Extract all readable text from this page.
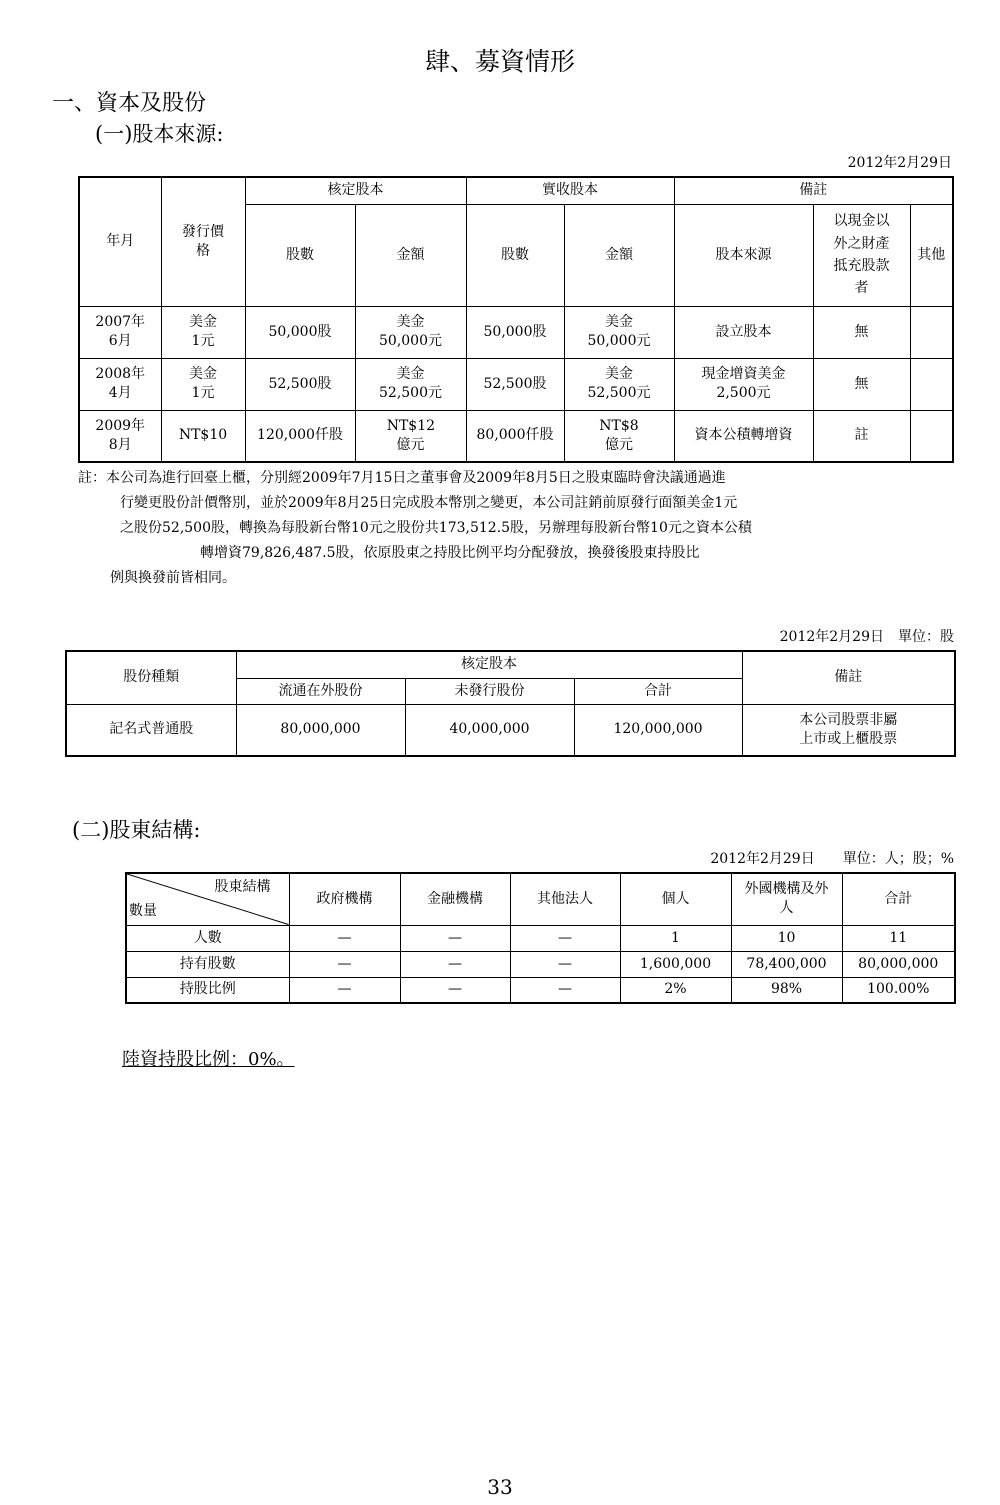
肆、募資情形
一、資本及股份
(一)股本來源:
2012年2月29日
年月	發行價格	核定股本		實收股本		備註		
		股數	金額	股數	金額	股本來源	以現金以外之財產抵充股款者	其他
2007年6月	美金1元	50,000股	美金50,000元	50,000股	美金50,000元	設立股本	無	
2008年4月	美金1元	52,500股	美金52,500元	52,500股	美金52,500元	現金增資美金2,500元	無	
2009年8月	NT$10	120,000仟股	NT$12億元	80,000仟股	NT$8億元	資本公積轉增資	註	

註：本公司為進行回臺上櫃，分別經2009年7月15日之董事會及2009年8月5日之股東臨時會決議通過進

行變更股份計價幣別，並於2009年8月25日完成股本幣別之變更，本公司註銷前原發行面額美金1元

之股份52,500股，轉換為每股新台幣10元之股份共173,512.5股，另辦理每股新台幣10元之資本公積

轉增資79,826,487.5股，依原股東之持股比例平均分配發放，換發後股東持股比

例與換發前皆相同。

2012年2月29日　單位：股
股份種類	核定股本			備註
	流通在外股份	未發行股份	合計	
記名式普通股	80,000,000	40,000,000	120,000,000	本公司股票非屬
上市或上櫃股票
(二)股東結構:
2012年2月29日　　單位：人；股；%
股東結構
數量	政府機構	金融機構	其他法人	個人	外國機構及外人	合計
人數	—	—	—	1	10	11
持有股數	—	—	—	1,600,000	78,400,000	80,000,000
持股比例	—	—	—	2%	98%	100.00%
陸資持股比例：0%。
33
